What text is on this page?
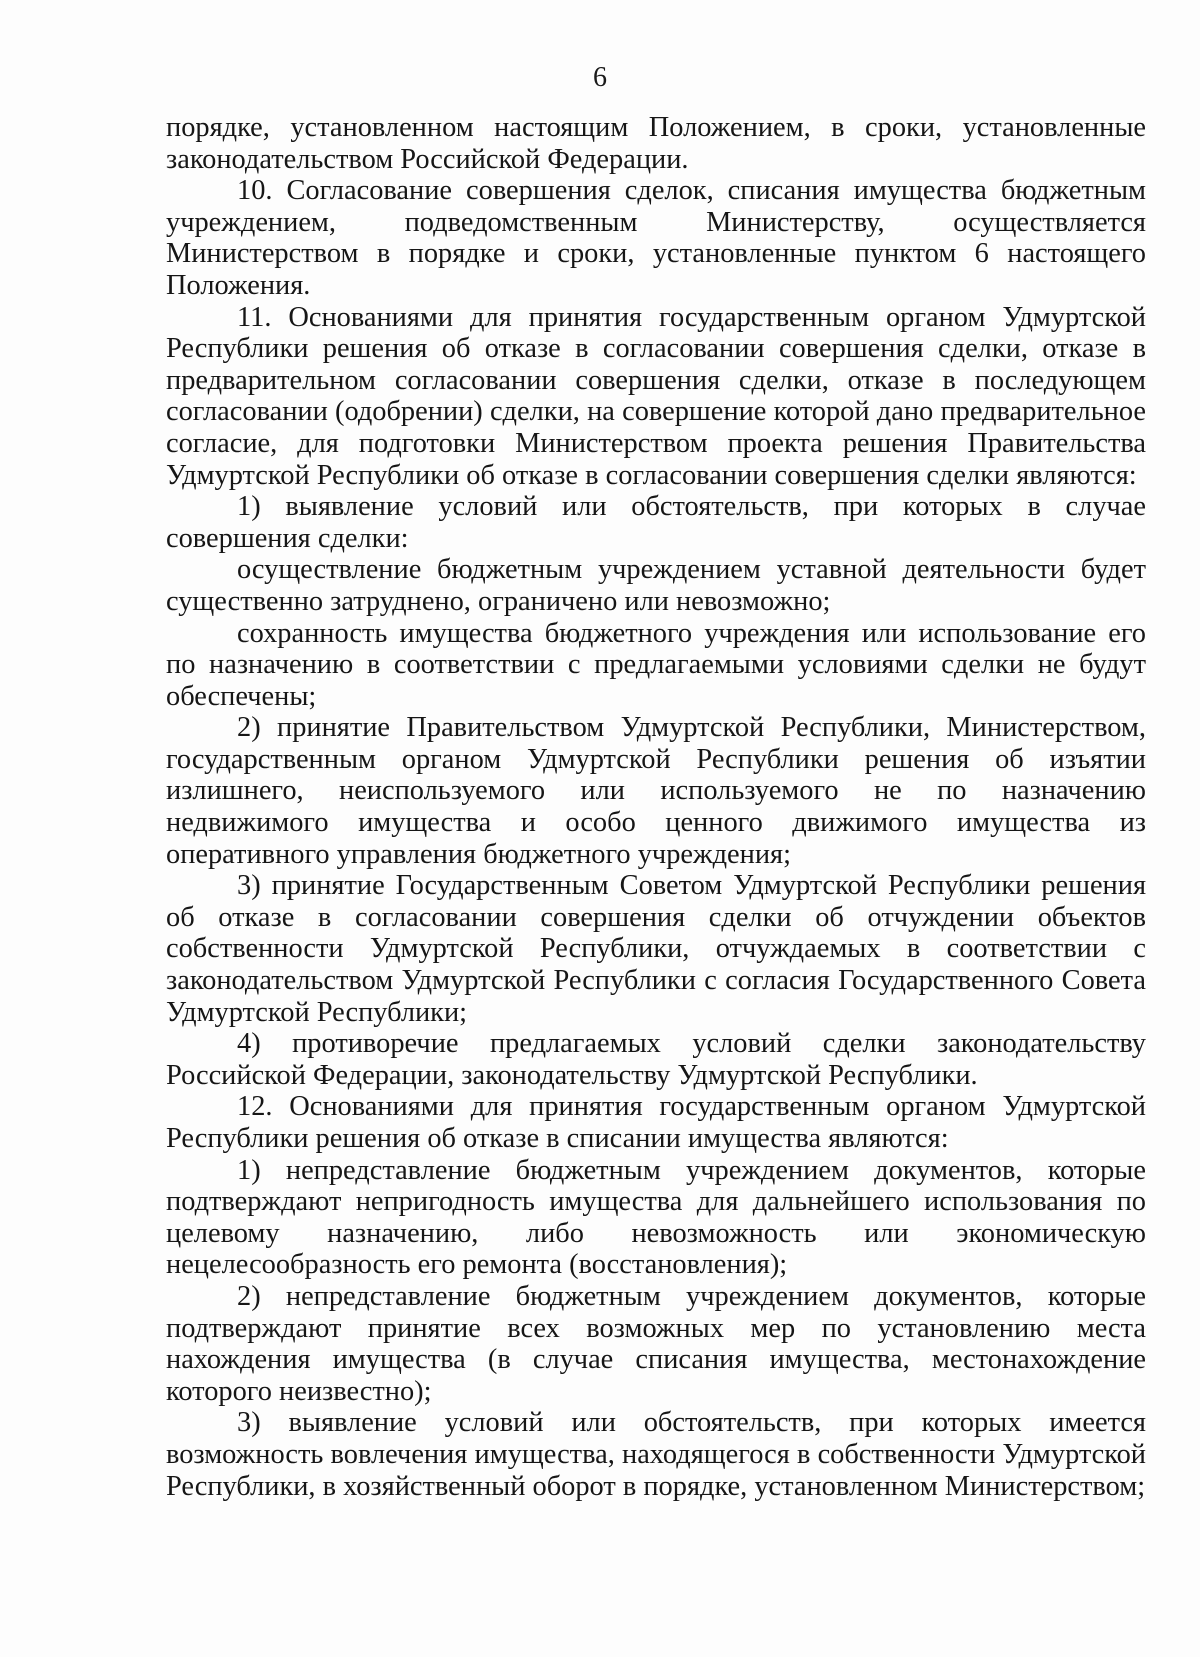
6

порядке, установленном настоящим Положением, в сроки, установленные законодательством Российской Федерации.

10. Согласование совершения сделок, списания имущества бюджетным учреждением, подведомственным Министерству, осуществляется Министерством в порядке и сроки, установленные пунктом 6 настоящего Положения.

11. Основаниями для принятия государственным органом Удмуртской Республики решения об отказе в согласовании совершения сделки, отказе в предварительном согласовании совершения сделки, отказе в последующем согласовании (одобрении) сделки, на совершение которой дано предварительное согласие, для подготовки Министерством проекта решения Правительства Удмуртской Республики об отказе в согласовании совершения сделки являются:

1) выявление условий или обстоятельств, при которых в случае совершения сделки:

осуществление бюджетным учреждением уставной деятельности будет существенно затруднено, ограничено или невозможно;

сохранность имущества бюджетного учреждения или использование его по назначению в соответствии с предлагаемыми условиями сделки не будут обеспечены;

2) принятие Правительством Удмуртской Республики, Министерством, государственным органом Удмуртской Республики решения об изъятии излишнего, неиспользуемого или используемого не по назначению недвижимого имущества и особо ценного движимого имущества из оперативного управления бюджетного учреждения;

3) принятие Государственным Советом Удмуртской Республики решения об отказе в согласовании совершения сделки об отчуждении объектов собственности Удмуртской Республики, отчуждаемых в соответствии с законодательством Удмуртской Республики с согласия Государственного Совета Удмуртской Республики;

4) противоречие предлагаемых условий сделки законодательству Российской Федерации, законодательству Удмуртской Республики.

12. Основаниями для принятия государственным органом Удмуртской Республики решения об отказе в списании имущества являются:

1) непредставление бюджетным учреждением документов, которые подтверждают непригодность имущества для дальнейшего использования по целевому назначению, либо невозможность или экономическую нецелесообразность его ремонта (восстановления);

2) непредставление бюджетным учреждением документов, которые подтверждают принятие всех возможных мер по установлению места нахождения имущества (в случае списания имущества, местонахождение которого неизвестно);

3) выявление условий или обстоятельств, при которых имеется возможность вовлечения имущества, находящегося в собственности Удмуртской Республики, в хозяйственный оборот в порядке, установленном Министерством;
